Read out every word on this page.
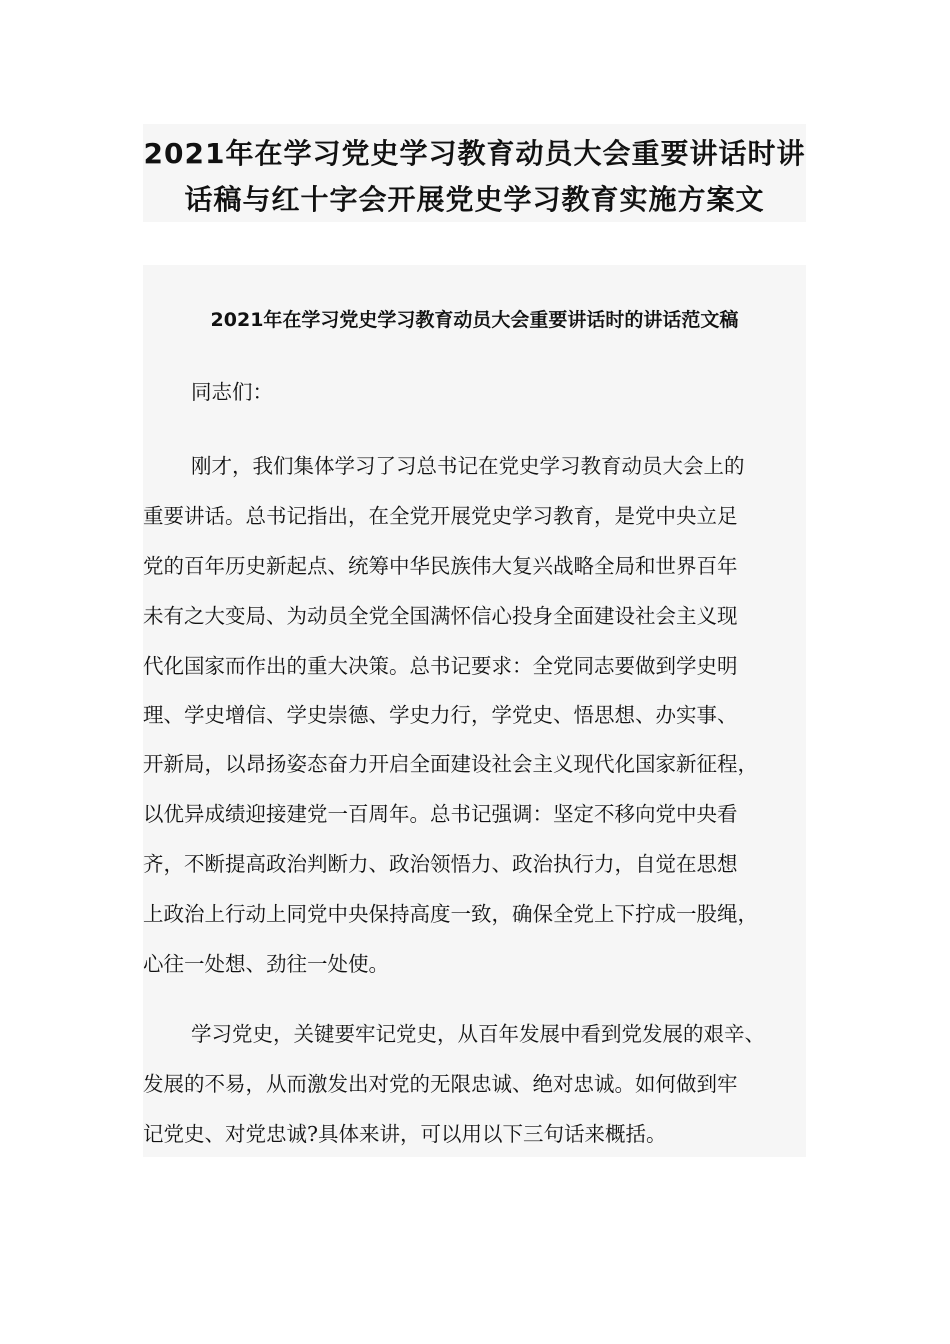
2021年在学习党史学习教育动员大会重要讲话时讲
话稿与红十字会开展党史学习教育实施方案文
2021年在学习党史学习教育动员大会重要讲话时的讲话范文稿
同志们：
刚才，我们集体学习了习总书记在党史学习教育动员大会上的
重要讲话。总书记指出，在全党开展党史学习教育，是党中央立足
党的百年历史新起点、统筹中华民族伟大复兴战略全局和世界百年
未有之大变局、为动员全党全国满怀信心投身全面建设社会主义现
代化国家而作出的重大决策。总书记要求：全党同志要做到学史明
理、学史增信、学史崇德、学史力行，学党史、悟思想、办实事、
开新局，以昂扬姿态奋力开启全面建设社会主义现代化国家新征程，
以优异成绩迎接建党一百周年。总书记强调：坚定不移向党中央看
齐，不断提高政治判断力、政治领悟力、政治执行力，自觉在思想
上政治上行动上同党中央保持高度一致，确保全党上下拧成一股绳，
心往一处想、劲往一处使。
学习党史，关键要牢记党史，从百年发展中看到党发展的艰辛、
发展的不易，从而激发出对党的无限忠诚、绝对忠诚。如何做到牢
记党史、对党忠诚?具体来讲，可以用以下三句话来概括。
